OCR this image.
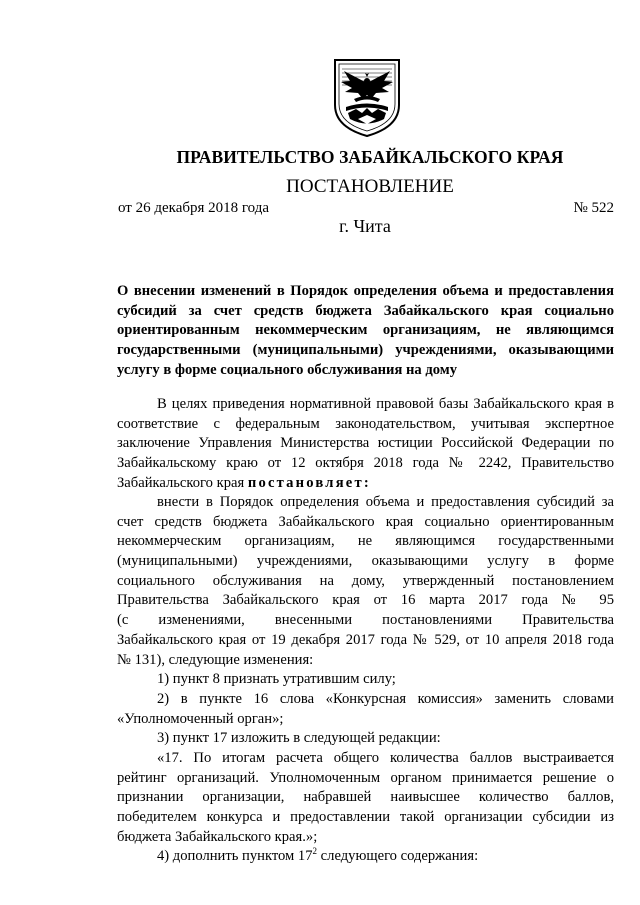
ПРАВИТЕЛЬСТВО ЗАБАЙКАЛЬСКОГО КРАЯ
ПОСТАНОВЛЕНИЕ
от 26 декабря 2018 года	№ 522
г. Чита
О внесении изменений в Порядок определения объема и предоставления
субсидий за счет средств бюджета Забайкальского края социально
ориентированным некоммерческим организациям, не являющимся
государственными (муниципальными) учреждениями, оказывающими
услугу в форме социального обслуживания на дому
В целях приведения нормативной правовой базы Забайкальского края в
соответствие с федеральным законодательством, учитывая экспертное
заключение Управления Министерства юстиции Российской Федерации по
Забайкальскому краю от 12 октября 2018 года № 2242, Правительство
Забайкальского края постановляет:
внести в Порядок определения объема и предоставления субсидий за
счет средств бюджета Забайкальского края социально ориентированным
некоммерческим организациям, не являющимся государственными
(муниципальными) учреждениями, оказывающими услугу в форме
социального обслуживания на дому, утвержденный постановлением
Правительства Забайкальского края от 16 марта 2017 года № 95
(с изменениями, внесенными постановлениями Правительства
Забайкальского края от 19 декабря 2017 года № 529, от 10 апреля 2018 года
№ 131), следующие изменения:
1) пункт 8 признать утратившим силу;
2) в пункте 16 слова «Конкурсная комиссия» заменить словами
«Уполномоченный орган»;
3) пункт 17 изложить в следующей редакции:
«17. По итогам расчета общего количества баллов выстраивается
рейтинг организаций. Уполномоченным органом принимается решение о
признании организации, набравшей наивысшее количество баллов,
победителем конкурса и предоставлении такой организации субсидии из
бюджета Забайкальского края.»;
4) дополнить пунктом $17^2$ следующего содержания:
